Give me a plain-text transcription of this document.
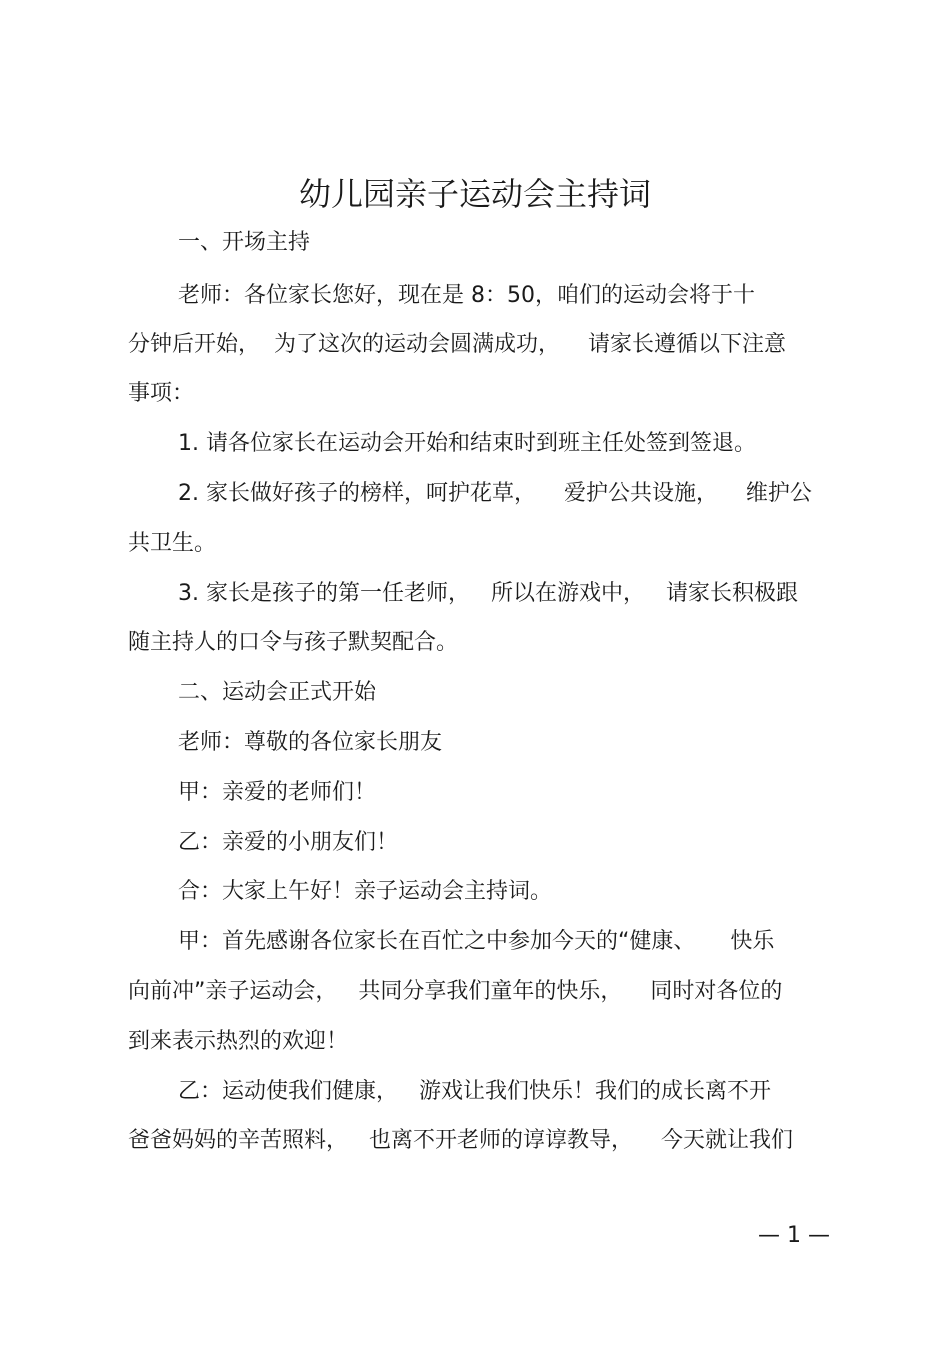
幼儿园亲子运动会主持词

一、开场主持

老师：各位家长您好，现在是 8：50，咱们的运动会将于十

分钟后开始，  为了这次的运动会圆满成功，    请家长遵循以下注意

事项：

1. 请各位家长在运动会开始和结束时到班主任处签到签退。

2. 家长做好孩子的榜样，呵护花草，    爱护公共设施，    维护公

共卫生。

3. 家长是孩子的第一任老师，   所以在游戏中，   请家长积极跟

随主持人的口令与孩子默契配合。

二、运动会正式开始

老师：尊敬的各位家长朋友

甲：亲爱的老师们！

乙：亲爱的小朋友们！

合：大家上午好！亲子运动会主持词。

甲：首先感谢各位家长在百忙之中参加今天的“健康、     快乐

向前冲”亲子运动会，   共同分享我们童年的快乐，    同时对各位的

到来表示热烈的欢迎！

乙：运动使我们健康，   游戏让我们快乐！我们的成长离不开

爸爸妈妈的辛苦照料，   也离不开老师的谆谆教导，    今天就让我们

— 1 —
